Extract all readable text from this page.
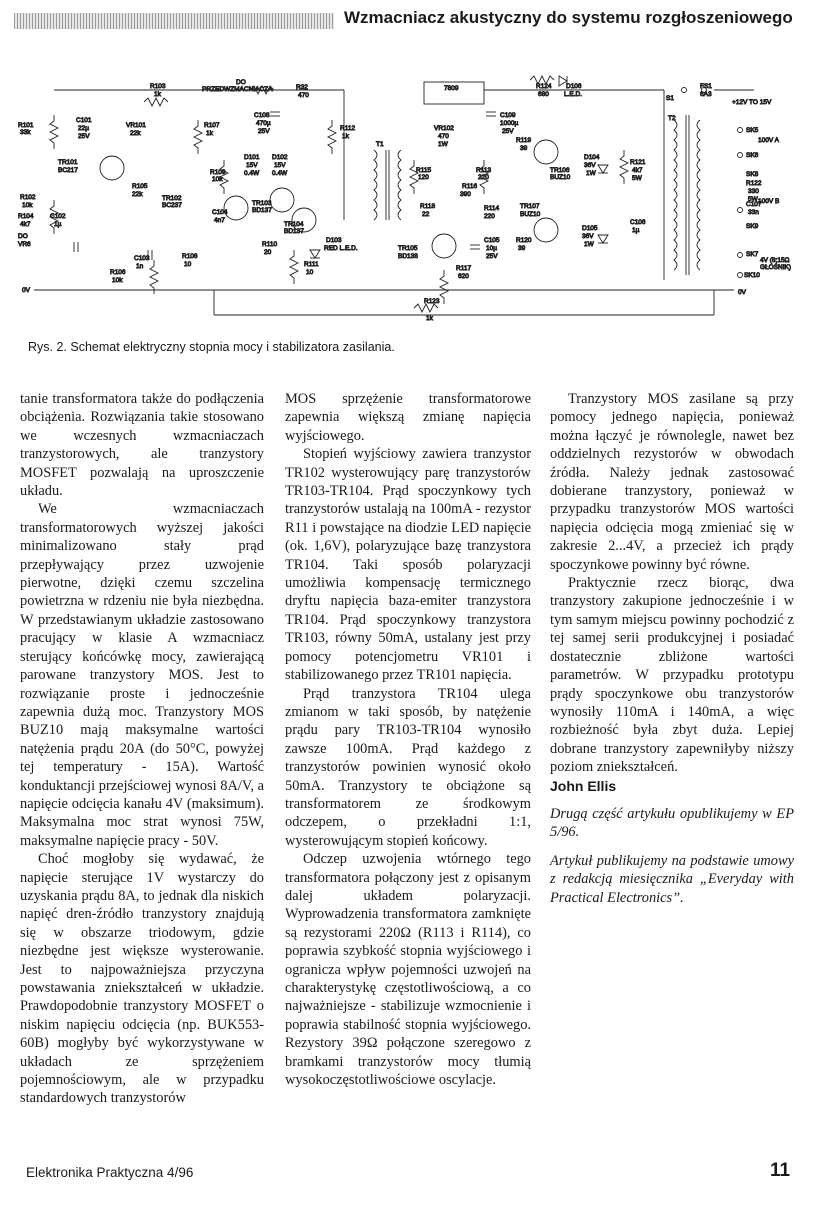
Wzmacniacz akustyczny do systemu rozgłoszeniowego
R103
1k
DO
PRZEDWZMACNIACZA	R32
470
7809	R124
680
D106
L.E.D.
S1
FS1
6A3
+12V TO 15V
R101
33k
C101
22µ
25V
VR101
22k
R107
1k
C108
470µ
25V	R112
1k
VR102
470
1W
C109
1000µ
25V
R119
39
T1
T2
SK5
100V A
SK6
TR101
BC217
D101
15V
0.4W
D102
15V
0.4W
R105
22k
TR102
BC237
R109
10k
TR103
BD137
R115
120
R113
220
TR106
BUZ10
D104
36V
1W
R121
4k7
5W
SK8
R122
330
5W
R102
10k
R104
4k7
C102
1µ
C104
4n7
TR104
BD137
R116
390
R118
22
R114
220
TR107
BUZ10
C107
33n
100V B
DO
VR6	R110
20
D103
RED L.E.D.	TR105
BD138
C105
10µ
25V
R120
39
D105
36V
1W
C106
1µ
SK9
SK7
4V (8:15Ω
GŁOŚNIK)
SK10
C103
1n
R108
10
R106
10k
R111
10
R117
620
0V	0V
R123
1k
Rys. 2. Schemat elektryczny stopnia mocy i stabilizatora zasilania.

tanie transformatora także do podłączenia obciążenia. Rozwiązania takie stosowano we wczesnych wzmacniaczach tranzystorowych, ale tranzystory MOSFET pozwalają na uproszczenie układu.

We wzmacniaczach transformatorowych wyższej jakości minimalizowano stały prąd przepływający przez uzwojenie pierwotne, dzięki czemu szczelina powietrzna w rdzeniu nie była niezbędna. W przedstawianym układzie zastosowano pracujący w klasie A wzmacniacz sterujący końcówkę mocy, zawierającą parowane tranzystory MOS. Jest to rozwiązanie proste i jednocześnie zapewnia dużą moc. Tranzystory MOS BUZ10 mają maksymalne wartości natężenia prądu 20A (do 50°C, powyżej tej temperatury - 15A). Wartość konduktancji przejściowej wynosi 8A/V, a napięcie odcięcia kanału 4V (maksimum). Maksymalna moc strat wynosi 75W, maksymalne napięcie pracy - 50V.

Choć mogłoby się wydawać, że napięcie sterujące 1V wystarczy do uzyskania prądu 8A, to jednak dla niskich napięć dren-źródło tranzystory znajdują się w obszarze triodowym, gdzie niezbędne jest większe wysterowanie. Jest to najpoważniejsza przyczyna powstawania zniekształceń w układzie. Prawdopodobnie tranzystory MOSFET o niskim napięciu odcięcia (np. BUK553-60B) mogłyby być wykorzystywane w układach ze sprzężeniem pojemnościowym, ale w przypadku standardowych tranzystorów

MOS sprzężenie transformatorowe zapewnia większą zmianę napięcia wyjściowego.

Stopień wyjściowy zawiera tranzystor TR102 wysterowujący parę tranzystorów TR103-TR104. Prąd spoczynkowy tych tranzystorów ustalają na 100mA - rezystor R11 i powstające na diodzie LED napięcie (ok. 1,6V), polaryzujące bazę tranzystora TR104. Taki sposób polaryzacji umożliwia kompensację termicznego dryftu napięcia baza-emiter tranzystora TR104. Prąd spoczynkowy tranzystora TR103, równy 50mA, ustalany jest przy pomocy potencjometru VR101 i stabilizowanego przez TR101 napięcia.

Prąd tranzystora TR104 ulega zmianom w taki sposób, by natężenie prądu pary TR103-TR104 wynosiło zawsze 100mA. Prąd każdego z tranzystorów powinien wynosić około 50mA. Tranzystory te obciążone są transformatorem ze środkowym odczepem, o przekładni 1:1, wysterowującym stopień końcowy.

Odczep uzwojenia wtórnego tego transformatora połączony jest z opisanym dalej układem polaryzacji. Wyprowadzenia transformatora zamknięte są rezystorami 220Ω (R113 i R114), co poprawia szybkość stopnia wyjściowego i ogranicza wpływ pojemności uzwojeń na charakterystykę częstotliwościową, a co najważniejsze - stabilizuje wzmocnienie i poprawia stabilność stopnia wyjściowego. Rezystory 39Ω połączone szeregowo z bramkami tranzystorów mocy tłumią wysokoczęstotliwościowe oscylacje.

Tranzystory MOS zasilane są przy pomocy jednego napięcia, ponieważ można łączyć je równolegle, nawet bez oddzielnych rezystorów w obwodach źródła. Należy jednak zastosować dobierane tranzystory, ponieważ w przypadku tranzystorów MOS wartości napięcia odcięcia mogą zmieniać się w zakresie 2...4V, a przecież ich prądy spoczynkowe powinny być równe.

Praktycznie rzecz biorąc, dwa tranzystory zakupione jednocześnie i w tym samym miejscu powinny pochodzić z tej samej serii produkcyjnej i posiadać dostatecznie zbliżone wartości parametrów. W przypadku prototypu prądy spoczynkowe obu tranzystorów wynosiły 110mA i 140mA, a więc rozbieżność była zbyt duża. Lepiej dobrane tranzystory zapewniłyby niższy poziom zniekształceń.

John Ellis

Drugą część artykułu opublikujemy w EP 5/96.

Artykuł publikujemy na podstawie umowy z redakcją miesięcznika „Everyday with Practical Electronics”.

Elektronika Praktyczna 4/96	11
